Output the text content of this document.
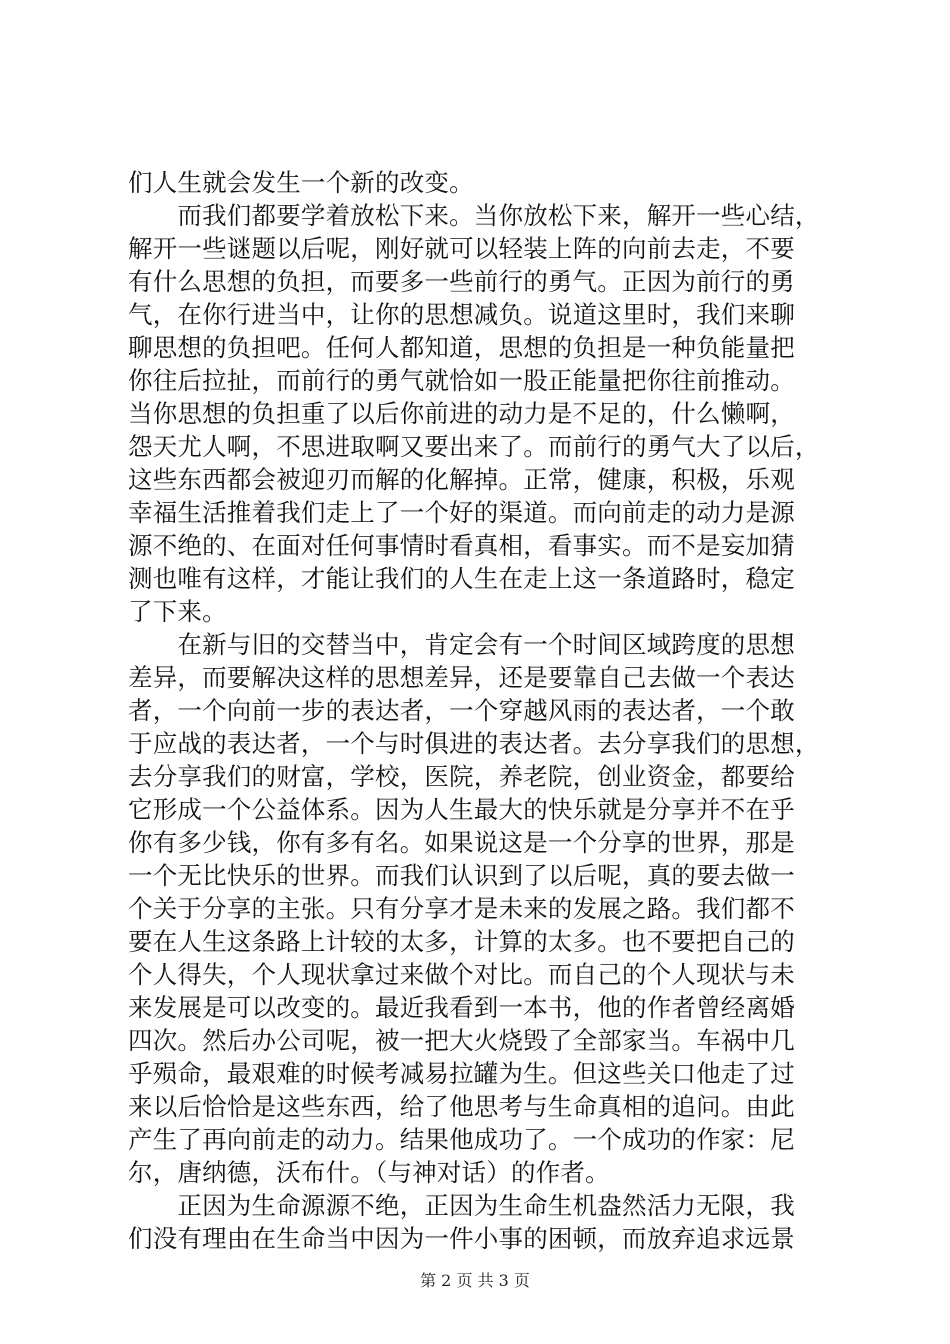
们人生就会发生一个新的改变。
　　而我们都要学着放松下来。当你放松下来，解开一些心结，
解开一些谜题以后呢，刚好就可以轻装上阵的向前去走，不要
有什么思想的负担，而要多一些前行的勇气。正因为前行的勇
气，在你行进当中，让你的思想减负。说道这里时，我们来聊
聊思想的负担吧。任何人都知道，思想的负担是一种负能量把
你往后拉扯，而前行的勇气就恰如一股正能量把你往前推动。
当你思想的负担重了以后你前进的动力是不足的，什么懒啊，
怨天尤人啊，不思进取啊又要出来了。而前行的勇气大了以后，
这些东西都会被迎刃而解的化解掉。正常，健康，积极，乐观
幸福生活推着我们走上了一个好的渠道。而向前走的动力是源
源不绝的、在面对任何事情时看真相，看事实。而不是妄加猜
测也唯有这样，才能让我们的人生在走上这一条道路时，稳定
了下来。
　　在新与旧的交替当中，肯定会有一个时间区域跨度的思想
差异，而要解决这样的思想差异，还是要靠自己去做一个表达
者，一个向前一步的表达者，一个穿越风雨的表达者，一个敢
于应战的表达者，一个与时俱进的表达者。去分享我们的思想，
去分享我们的财富，学校，医院，养老院，创业资金，都要给
它形成一个公益体系。因为人生最大的快乐就是分享并不在乎
你有多少钱，你有多有名。如果说这是一个分享的世界，那是
一个无比快乐的世界。而我们认识到了以后呢，真的要去做一
个关于分享的主张。只有分享才是未来的发展之路。我们都不
要在人生这条路上计较的太多，计算的太多。也不要把自己的
个人得失，个人现状拿过来做个对比。而自己的个人现状与未
来发展是可以改变的。最近我看到一本书，他的作者曾经离婚
四次。然后办公司呢，被一把大火烧毁了全部家当。车祸中几
乎殒命，最艰难的时候考减易拉罐为生。但这些关口他走了过
来以后恰恰是这些东西，给了他思考与生命真相的追问。由此
产生了再向前走的动力。结果他成功了。一个成功的作家：尼
尔，唐纳德，沃布什。（与神对话）的作者。
　　正因为生命源源不绝，正因为生命生机盎然活力无限，我
们没有理由在生命当中因为一件小事的困顿，而放弃追求远景
第 2 页 共 3 页
